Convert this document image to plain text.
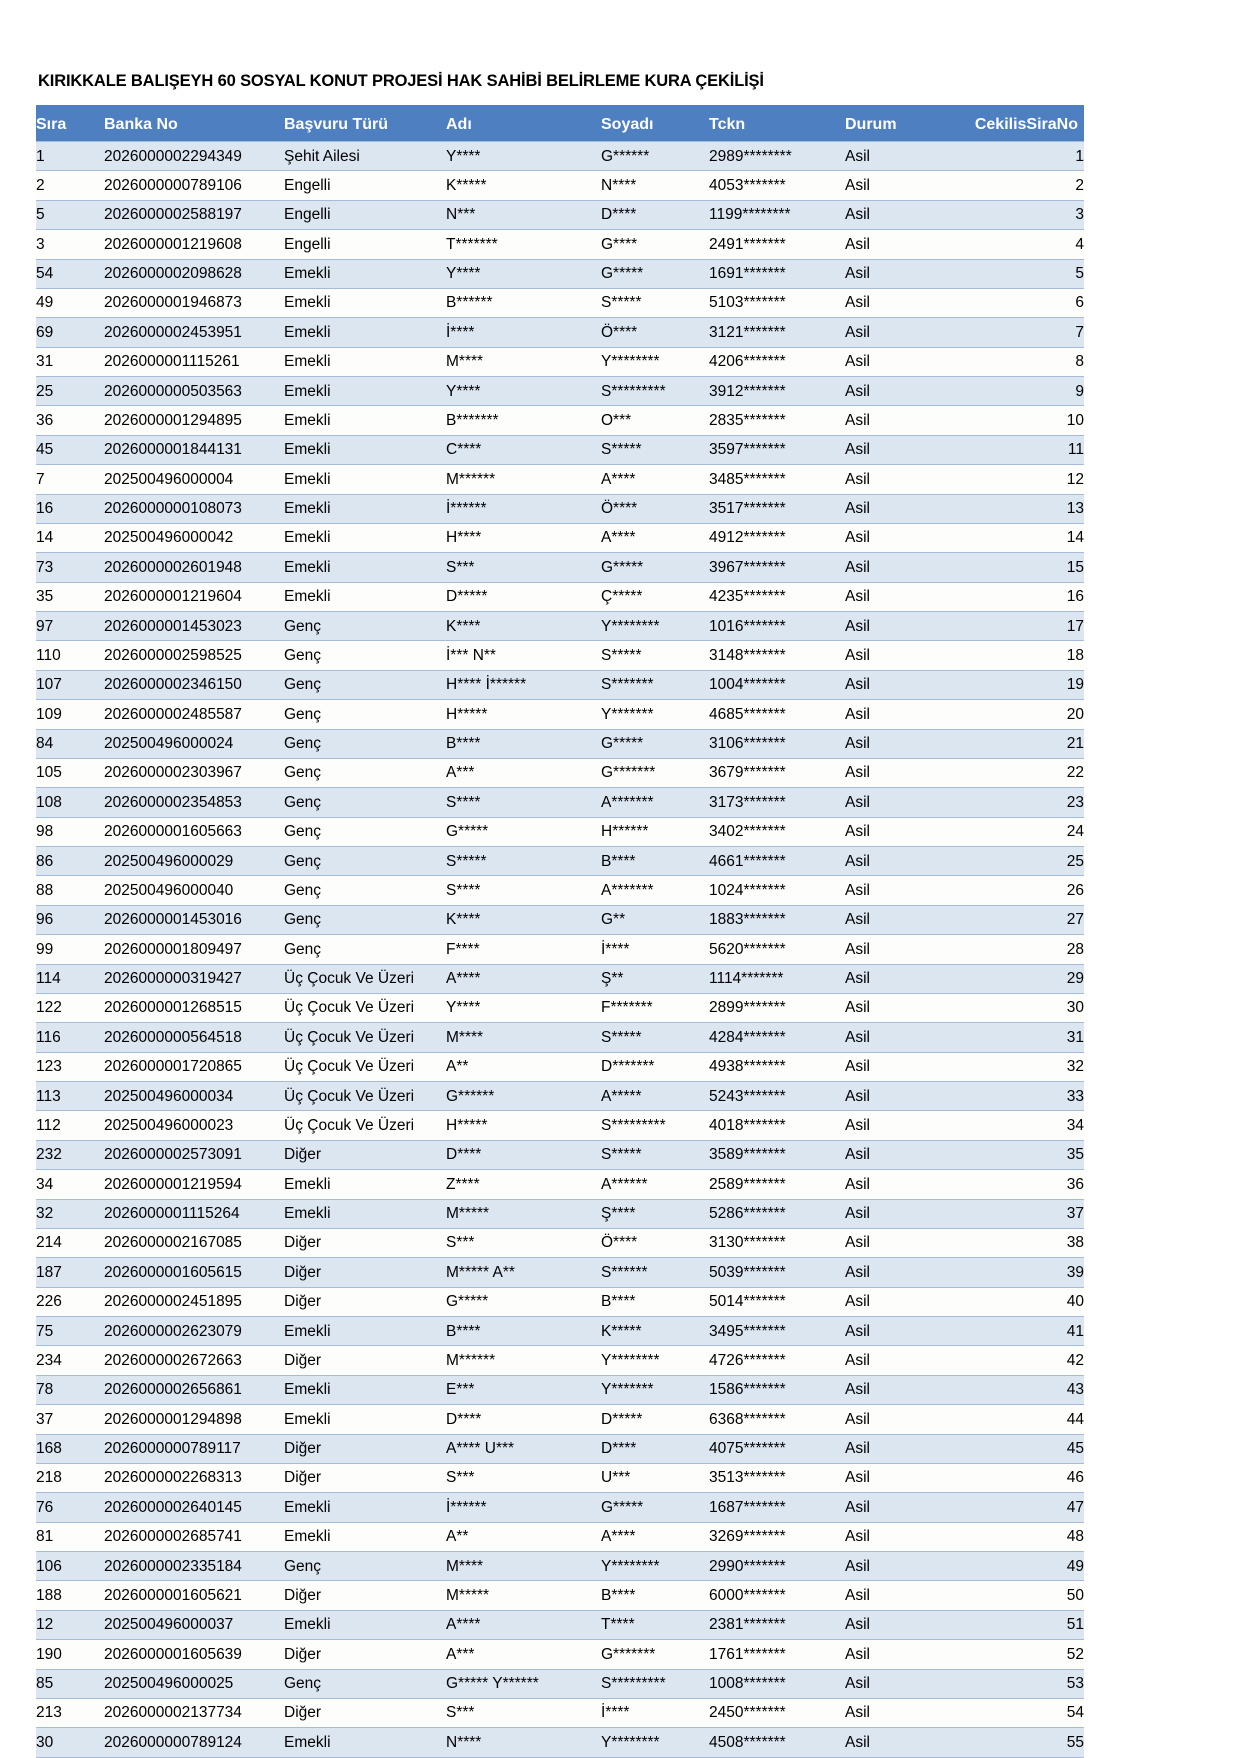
KIRIKKALE BALIŞEYH 60 SOSYAL KONUT PROJESİ HAK SAHİBİ BELİRLEME KURA ÇEKİLİŞİ
Sıra	Banka No	Başvuru Türü	Adı	Soyadı	Tckn	Durum	CekilisSiraNo
1	2026000002294349	Şehit Ailesi	Y****	G******	2989********	Asil	1
2	2026000000789106	Engelli	K*****	N****	4053*******	Asil	2
5	2026000002588197	Engelli	N***	D****	1199********	Asil	3
3	2026000001219608	Engelli	T*******	G****	2491*******	Asil	4
54	2026000002098628	Emekli	Y****	G*****	1691*******	Asil	5
49	2026000001946873	Emekli	B******	S*****	5103*******	Asil	6
69	2026000002453951	Emekli	İ****	Ö****	3121*******	Asil	7
31	2026000001115261	Emekli	M****	Y********	4206*******	Asil	8
25	2026000000503563	Emekli	Y****	S*********	3912*******	Asil	9
36	2026000001294895	Emekli	B*******	O***	2835*******	Asil	10
45	2026000001844131	Emekli	C****	S*****	3597*******	Asil	11
7	202500496000004	Emekli	M******	A****	3485*******	Asil	12
16	2026000000108073	Emekli	İ******	Ö****	3517*******	Asil	13
14	202500496000042	Emekli	H****	A****	4912*******	Asil	14
73	2026000002601948	Emekli	S***	G*****	3967*******	Asil	15
35	2026000001219604	Emekli	D*****	Ç*****	4235*******	Asil	16
97	2026000001453023	Genç	K****	Y********	1016*******	Asil	17
110	2026000002598525	Genç	İ*** N**	S*****	3148*******	Asil	18
107	2026000002346150	Genç	H**** İ******	S*******	1004*******	Asil	19
109	2026000002485587	Genç	H*****	Y*******	4685*******	Asil	20
84	202500496000024	Genç	B****	G*****	3106*******	Asil	21
105	2026000002303967	Genç	A***	G*******	3679*******	Asil	22
108	2026000002354853	Genç	S****	A*******	3173*******	Asil	23
98	2026000001605663	Genç	G*****	H******	3402*******	Asil	24
86	202500496000029	Genç	S*****	B****	4661*******	Asil	25
88	202500496000040	Genç	S****	A*******	1024*******	Asil	26
96	2026000001453016	Genç	K****	G**	1883*******	Asil	27
99	2026000001809497	Genç	F****	İ****	5620*******	Asil	28
114	2026000000319427	Üç Çocuk Ve Üzeri	A****	Ş**	1114*******	Asil	29
122	2026000001268515	Üç Çocuk Ve Üzeri	Y****	F*******	2899*******	Asil	30
116	2026000000564518	Üç Çocuk Ve Üzeri	M****	S*****	4284*******	Asil	31
123	2026000001720865	Üç Çocuk Ve Üzeri	A**	D*******	4938*******	Asil	32
113	202500496000034	Üç Çocuk Ve Üzeri	G******	A*****	5243*******	Asil	33
112	202500496000023	Üç Çocuk Ve Üzeri	H*****	S*********	4018*******	Asil	34
232	2026000002573091	Diğer	D****	S*****	3589*******	Asil	35
34	2026000001219594	Emekli	Z****	A******	2589*******	Asil	36
32	2026000001115264	Emekli	M*****	Ş****	5286*******	Asil	37
214	2026000002167085	Diğer	S***	Ö****	3130*******	Asil	38
187	2026000001605615	Diğer	M***** A**	S******	5039*******	Asil	39
226	2026000002451895	Diğer	G*****	B****	5014*******	Asil	40
75	2026000002623079	Emekli	B****	K*****	3495*******	Asil	41
234	2026000002672663	Diğer	M******	Y********	4726*******	Asil	42
78	2026000002656861	Emekli	E***	Y*******	1586*******	Asil	43
37	2026000001294898	Emekli	D****	D*****	6368*******	Asil	44
168	2026000000789117	Diğer	A**** U***	D****	4075*******	Asil	45
218	2026000002268313	Diğer	S***	U***	3513*******	Asil	46
76	2026000002640145	Emekli	İ******	G*****	1687*******	Asil	47
81	2026000002685741	Emekli	A**	A****	3269*******	Asil	48
106	2026000002335184	Genç	M****	Y********	2990*******	Asil	49
188	2026000001605621	Diğer	M*****	B****	6000*******	Asil	50
12	202500496000037	Emekli	A****	T****	2381*******	Asil	51
190	2026000001605639	Diğer	A***	G*******	1761*******	Asil	52
85	202500496000025	Genç	G***** Y******	S*********	1008*******	Asil	53
213	2026000002137734	Diğer	S***	İ****	2450*******	Asil	54
30	2026000000789124	Emekli	N****	Y********	4508*******	Asil	55
